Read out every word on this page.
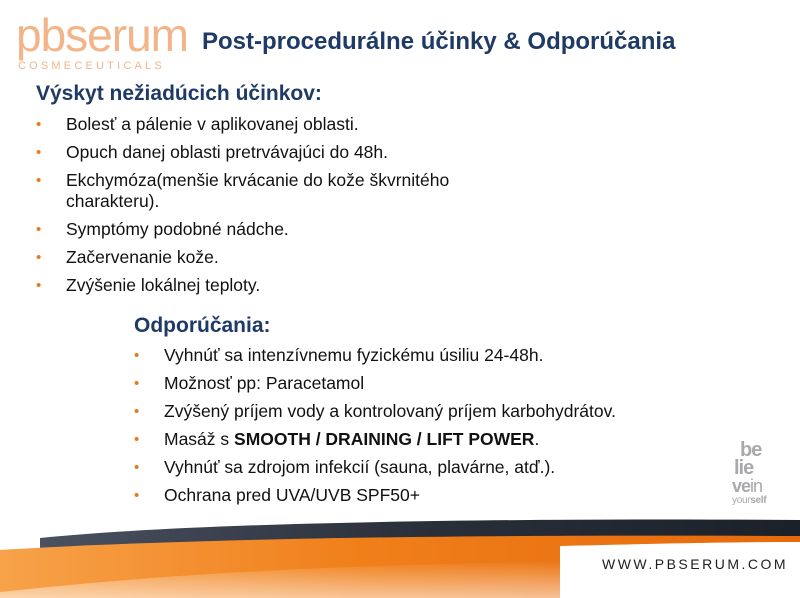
pbserum
COSMECEUTICALS
Post-procedurálne účinky & Odporúčania
Výskyt nežiadúcich účinkov:
• Bolesť a pálenie v aplikovanej oblasti.
• Opuch danej oblasti pretrvávajúci do 48h.
• Ekchymóza(menšie krvácanie do kože škvrnitého charakteru).
• Symptómy podobné nádche.
• Začervenanie kože.
• Zvýšenie lokálnej teploty.
Odporúčania:
• Vyhnúť sa intenzívnemu fyzickému úsiliu 24-48h.
• Možnosť pp: Paracetamol
• Zvýšený príjem vody a kontrolovaný príjem karbohydrátov.
• Masáž s SMOOTH / DRAINING / LIFT POWER.
• Vyhnúť sa zdrojom infekcií (sauna, plavárne, atď.).
• Ochrana pred UVA/UVB SPF50+
be
lie
vein
yourself
WWW.PBSERUM.COM
